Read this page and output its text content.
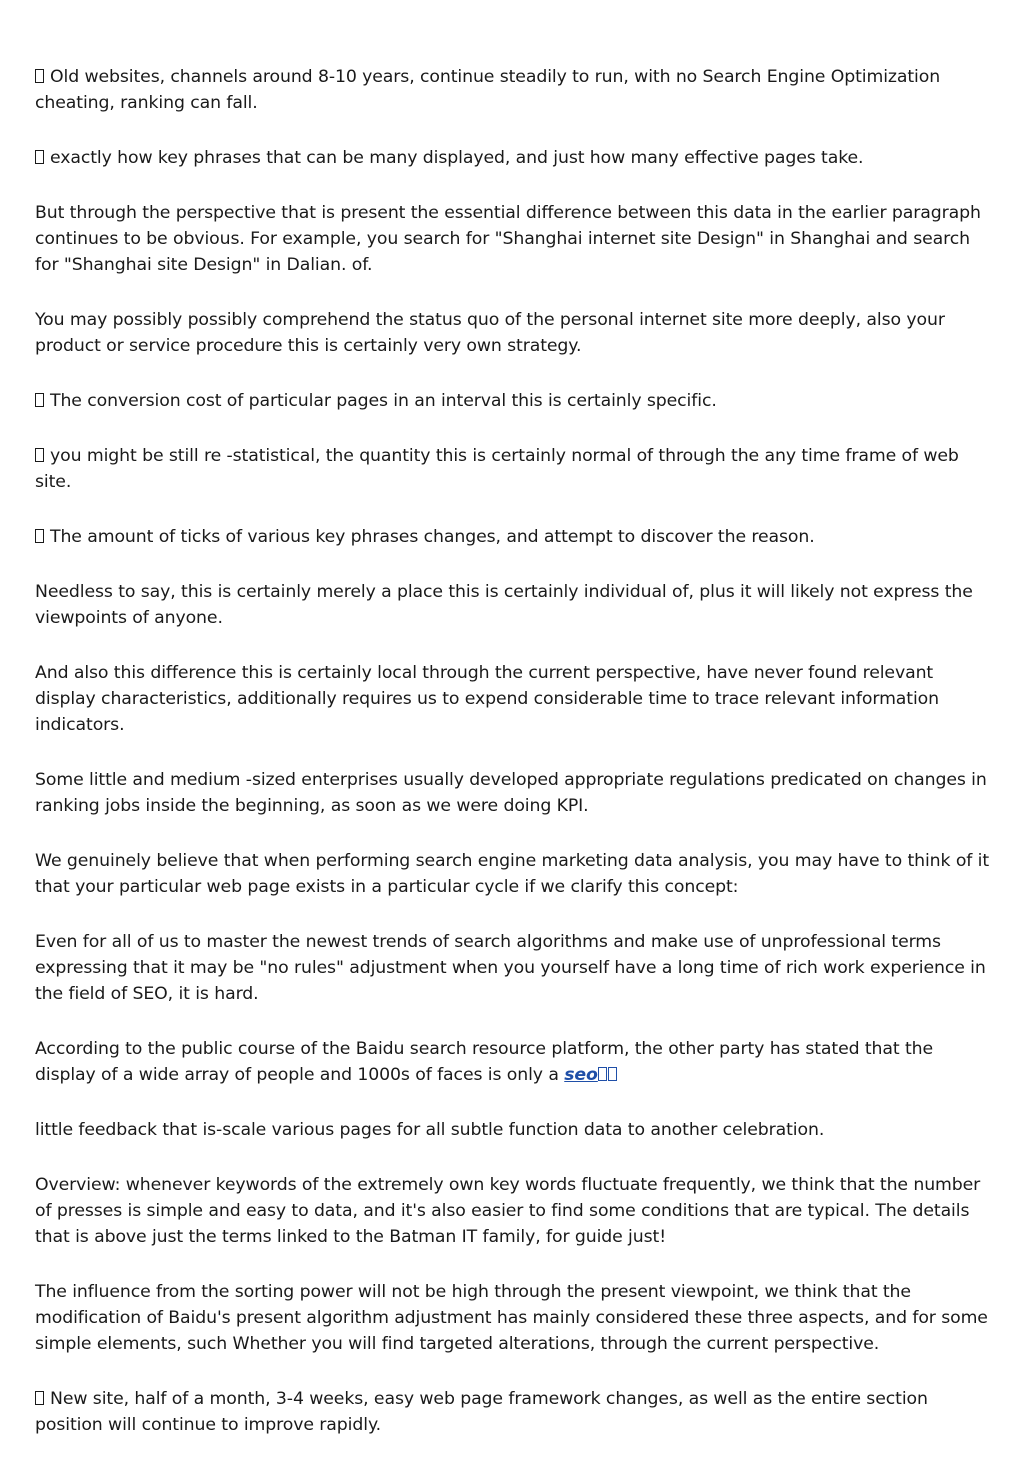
Old websites, channels around 8-10 years, continue steadily to run, with no Search Engine Optimization cheating, ranking can fall.

exactly how key phrases that can be many displayed, and just how many effective pages take.

But through the perspective that is present the essential difference between this data in the earlier paragraph continues to be obvious. For example, you search for "Shanghai internet site Design" in Shanghai and search for "Shanghai site Design" in Dalian. of.

You may possibly possibly comprehend the status quo of the personal internet site more deeply, also your product or service procedure this is certainly very own strategy.

The conversion cost of particular pages in an interval this is certainly specific.

you might be still re -statistical, the quantity this is certainly normal of through the any time frame of web site.

The amount of ticks of various key phrases changes, and attempt to discover the reason.

Needless to say, this is certainly merely a place this is certainly individual of, plus it will likely not express the viewpoints of anyone.

And also this difference this is certainly local through the current perspective, have never found relevant display characteristics, additionally requires us to expend considerable time to trace relevant information indicators.

Some little and medium -sized enterprises usually developed appropriate regulations predicated on changes in ranking jobs inside the beginning, as soon as we were doing KPI.

We genuinely believe that when performing search engine marketing data analysis, you may have to think of it that your particular web page exists in a particular cycle if we clarify this concept:

Even for all of us to master the newest trends of search algorithms and make use of unprofessional terms expressing that it may be "no rules" adjustment when you yourself have a long time of rich work experience in the field of SEO, it is hard.

According to the public course of the Baidu search resource platform, the other party has stated that the display of a wide array of people and 1000s of faces is only a seo

little feedback that is-scale various pages for all subtle function data to another celebration.

Overview: whenever keywords of the extremely own key words fluctuate frequently, we think that the number of presses is simple and easy to data, and it's also easier to find some conditions that are typical. The details that is above just the terms linked to the Batman IT family, for guide just!

The influence from the sorting power will not be high through the present viewpoint, we think that the modification of Baidu's present algorithm adjustment has mainly considered these three aspects, and for some simple elements, such Whether you will find targeted alterations, through the current perspective.

New site, half of a month, 3-4 weeks, easy web page framework changes, as well as the entire section position will continue to improve rapidly.
